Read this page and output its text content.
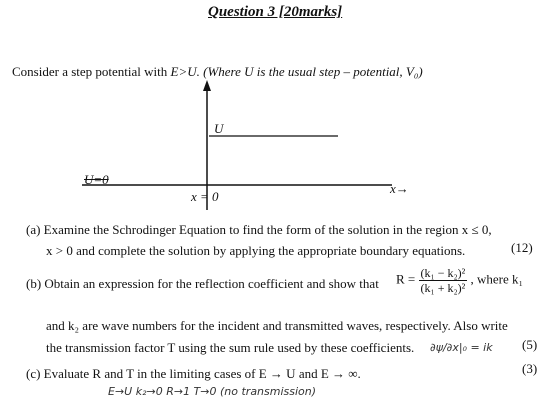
Question 3 [20marks]
Consider a step potential with E>U. (Where U is the usual step – potential, V₀)
U
U=0
x = 0
x→
(a) Examine the Schrodinger Equation to find the form of the solution in the region x ≤ 0,
x > 0 and complete the solution by applying the appropriate boundary equations.	(12)
(b) Obtain an expression for the reflection coefficient and show that $R = \frac{\text{(k₁ − k₂)²}}{\text{(k₁ + k₂)²}}$ , where k₁
and k₂ are wave numbers for the incident and transmitted waves, respectively. Also write
the transmission factor T using the sum rule used by these coefficients.	(5)
∂ψ/∂x|₀ = ik
(c) Evaluate R and T in the limiting cases of E → U and E → ∞.	(3)
E→U k₂→0 R→1 T→0 (no transmission)
